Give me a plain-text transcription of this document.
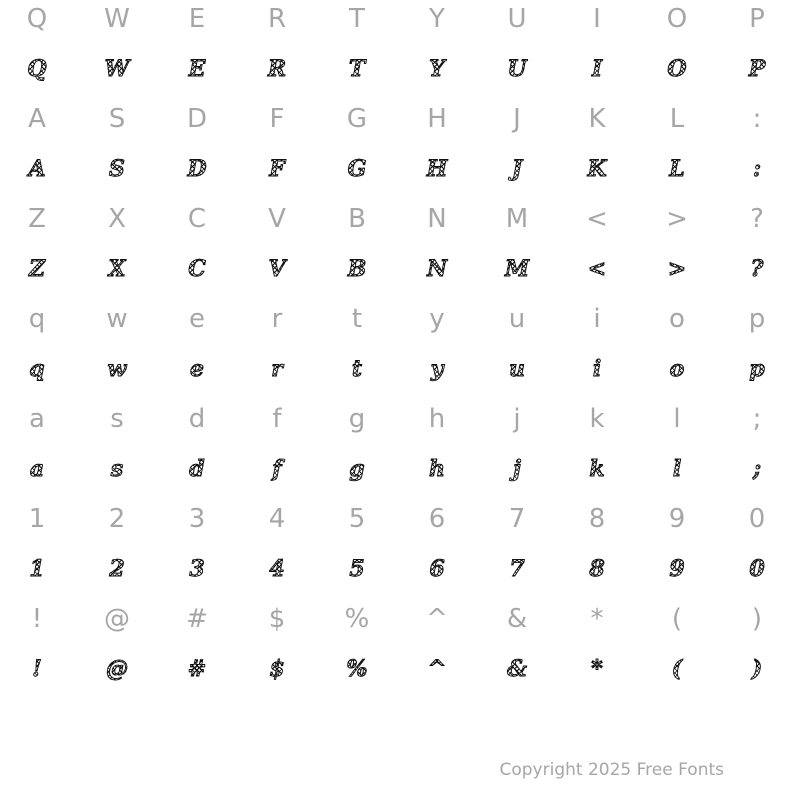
Q
Q
W
W
E
E
R
R
T
T
Y
Y
U
U
I
I
O
O
P
P
A
A
S
S
D
D
F
F
G
G
H
H
J
J
K
K
L
L
:
:
Z
Z
X
X
C
C
V
V
B
B
N
N
M
M
<
<
>
>
?
?
q
q
w
w
e
e
r
r
t
t
y
y
u
u
i
i
o
o
p
p
a
a
s
s
d
d
f
f
g
g
h
h
j
j
k
k
l
l
;
;
1
1
2
2
3
3
4
4
5
5
6
6
7
7
8
8
9
9
0
0
!
!
@
@
#
#
$
$
%
%
^
^
&
&
*
*
(
(
)
)
Copyright 2025 Free Fonts
